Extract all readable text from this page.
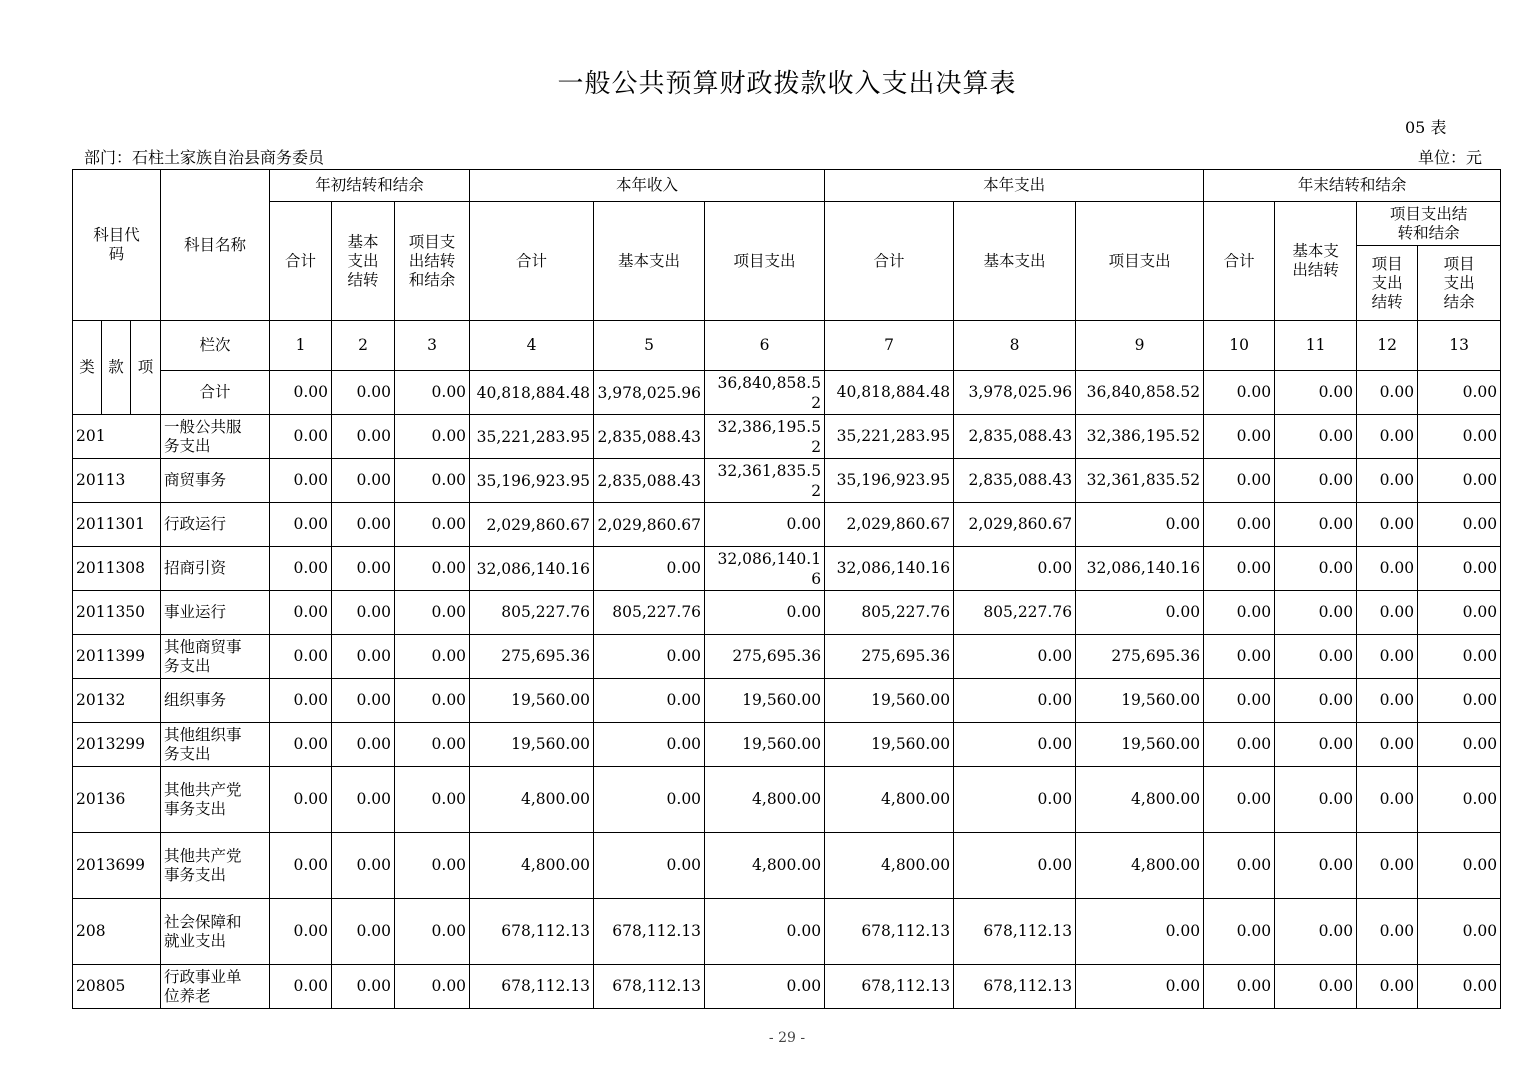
一般公共预算财政拨款收入支出决算表
05 表
部门：石柱土家族自治县商务委员	单位：元
科目代码			科目名称	年初结转和结余			本年收入			本年支出			年末结转和结余			
				合计	基本支出结转	项目支出结转和结余	合计	基本支出	项目支出	合计	基本支出	项目支出	合计	基本支出结转	项目支出结转和结余	
															项目支出结转	项目支出结余
类	款	项	栏次	1	2	3	4	5	6	7	8	9	10	11	12	13
			合计	0.00	0.00	0.00	40,818,884.48	3,978,025.96	36,840,858.52	40,818,884.48	3,978,025.96	36,840,858.52	0.00	0.00	0.00	0.00
201			一般公共服务支出	0.00	0.00	0.00	35,221,283.95	2,835,088.43	32,386,195.52	35,221,283.95	2,835,088.43	32,386,195.52	0.00	0.00	0.00	0.00
20113			商贸事务	0.00	0.00	0.00	35,196,923.95	2,835,088.43	32,361,835.52	35,196,923.95	2,835,088.43	32,361,835.52	0.00	0.00	0.00	0.00
2011301			行政运行	0.00	0.00	0.00	2,029,860.67	2,029,860.67	0.00	2,029,860.67	2,029,860.67	0.00	0.00	0.00	0.00	0.00
2011308			招商引资	0.00	0.00	0.00	32,086,140.16	0.00	32,086,140.16	32,086,140.16	0.00	32,086,140.16	0.00	0.00	0.00	0.00
2011350			事业运行	0.00	0.00	0.00	805,227.76	805,227.76	0.00	805,227.76	805,227.76	0.00	0.00	0.00	0.00	0.00
2011399			其他商贸事务支出	0.00	0.00	0.00	275,695.36	0.00	275,695.36	275,695.36	0.00	275,695.36	0.00	0.00	0.00	0.00
20132			组织事务	0.00	0.00	0.00	19,560.00	0.00	19,560.00	19,560.00	0.00	19,560.00	0.00	0.00	0.00	0.00
2013299			其他组织事务支出	0.00	0.00	0.00	19,560.00	0.00	19,560.00	19,560.00	0.00	19,560.00	0.00	0.00	0.00	0.00
20136			其他共产党事务支出	0.00	0.00	0.00	4,800.00	0.00	4,800.00	4,800.00	0.00	4,800.00	0.00	0.00	0.00	0.00
2013699			其他共产党事务支出	0.00	0.00	0.00	4,800.00	0.00	4,800.00	4,800.00	0.00	4,800.00	0.00	0.00	0.00	0.00
208			社会保障和就业支出	0.00	0.00	0.00	678,112.13	678,112.13	0.00	678,112.13	678,112.13	0.00	0.00	0.00	0.00	0.00
20805			行政事业单位养老	0.00	0.00	0.00	678,112.13	678,112.13	0.00	678,112.13	678,112.13	0.00	0.00	0.00	0.00	0.00
- 29 -
